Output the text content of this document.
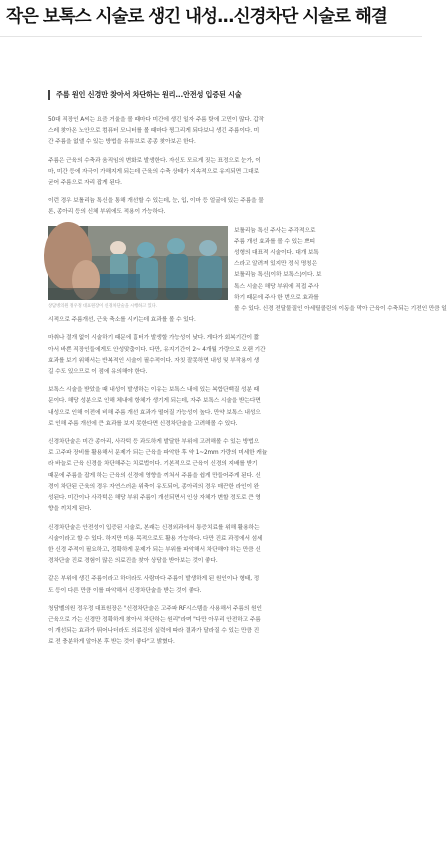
작은 보톡스 시술로 생긴 내성...신경차단 시술로 해결
주름 원인 신경만 찾아서 차단하는 원리...안전성 입증된 시술
50대 직장인 A씨는 요즘 거울을 볼 때마다 미간에 생긴 일자 주름 탓에 고민이 많다. 갑작
스레 찾아온 노안으로 컴퓨터 모니터를 볼 때마다 찡그리게 되다보니 생긴 주름이다. 미
간 주름을 없앨 수 있는 방법을 유튜브로 종종 찾아보곤 한다.
주름은 근육의 수축과 움직임의 변화로 발생한다. 자신도 모르게 짓는 표정으로 눈가, 이
마, 미간 등에 자극이 가해지게 되는데 근육의 수축 상태가 지속적으로 유지되면 그대로
굳어 주름으로 자리 잡게 된다.
이런 경우 보톨리늄 톡신을 통해 개선할 수 있는데, 눈, 입, 이마 등 얼굴에 있는 주름을 물
론, 종아리 등의 신체 부위에도 적용이 가능하다.
상담병의원 정우정 대표원장이 신경차단술을 시행하고 있다.
보툴리늄 톡신 주사는 주각적으로
주름 개선 효과를 볼 수 있는 쁘띠
성형의 대표적 시술이다. 대개 보톡
스라고 알려져 있지만 정식 명칭은
보툴리늄 톡신(이하 보톡스)이다. 보
톡스 시술은 해당 부위에 직접 주사
하기 때문에 주사 한 번으로 효과를
볼 수 있다. 신경 전달물질인 아세틸콜린의 이동을 막아 근육이 수축되는 기전인 만큼 일
시적으로 주름개선, 근육 축소를 시키는데 효과를 볼 수 있다.
마취나 절개 없이 시술하기 때문에 흉터가 발생할 가능성이 낮다. 게다가 회복기간이 짧
아서 바쁜 직장인들에게도 안성맞춤이다. 다만, 유지기간이 2~ 4개월 가량으로 오랜 기간
효과를 보기 위해서는 반복적인 시술이 필수적이다. 자칫 잘못하면 내성 및 부작용이 생
길 수도 있으므로 이 점에 유의해야 한다.
보톡스 시술을 받았을 때 내성이 발생하는 이유는 보톡스 내에 있는 복합단백질 성분 때
문이다. 해당 성분으로 인해 체내에 항체가 생기게 되는데, 자주 보톡스 시술을 받는다면
내성으로 인해 이전에 비해 주름 개선 효과가 떨어질 가능성이 높다. 만약 보톡스 내성으
로 인해 주름 개선에 큰 효과를 보지 못한다면 신경차단술을 고려해볼 수 있다.
신경차단술은 미간 종아리, 사각턱 등 과도하게 발달한 부위에 고려해볼 수 있는 방법으
로 고주파 장비를 활용해서 문제가 되는 근육을 파악한 후 약 1~2mm 가량의 미세한 캐뉼
라 바늘로 근육 신경을 차단해주는 치료법이다. 기본적으로 근육이 신경의 지배를 받기
때문에 주름을 잡게 하는 근육의 신경에 영향을 끼쳐서 주름을 쉽게 만들어주게 된다. 신
경이 차단된 근육의 경우 자연스러운 위축이 유도되어, 종아리의 경우 매끈한 라인이 완
성된다. 미간이나 사각턱은 해당 부위 주름이 개선되면서 인상 자체가 변할 정도로 큰 영
향을 끼치게 된다.
신경차단술은 안전성이 입증된 시술로, 본래는 신경외과에서 통증치료를 위해 활용하는
시술이라고 할 수 있다. 하지만 미용 목적으로도 활용 가능하다. 다만 진료 과정에서 섬세
한 신경 주적이 필요하고, 정확하게 문제가 되는 부위를 파악해서 차단해야 하는 만큼 신
경차단술 진료 경험이 많은 의료진을 찾아 상담을 받아보는 것이 좋다.
같은 부위에 생긴 주름이라고 하더라도 사람마다 주름이 발생하게 된 원인이나 형태, 정
도 등이 다른 만큼 이를 파악해서 신경차단술을 받는 것이 좋다.
청담벨의원 정우정 대표원장은 "신경차단술은 고주파 RF시스템을 사용해서 주름의 원인
근육으로 가는 신경만 정확하게 찾아서 차단하는 원리"라며 "다만 아무리 안전하고 주름
이 개선되는 효과가 뛰어나더라도 의료진의 실력에 따라 결과가 달라질 수 있는 만큼 진
료 전 충분하게 알아본 후 받는 것이 좋다"고 밝혔다.
